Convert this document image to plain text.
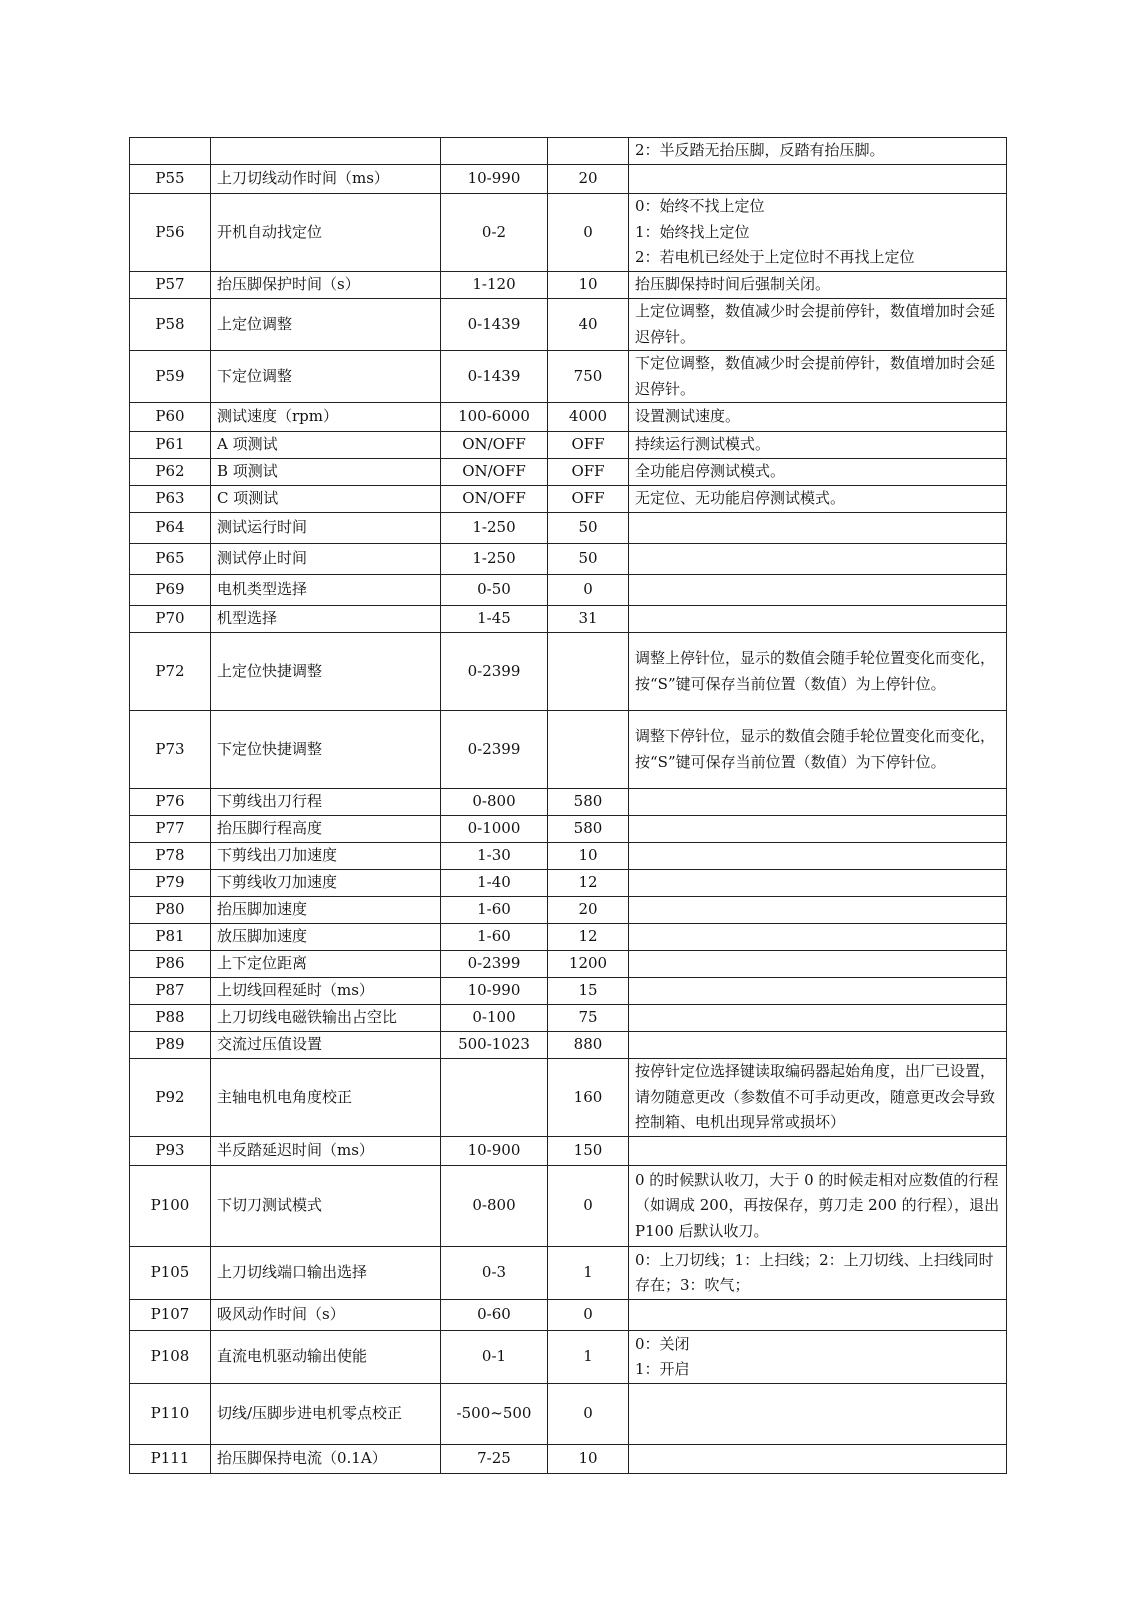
				2：半反踏无抬压脚，反踏有抬压脚。
P55	上刀切线动作时间（ms）	10-990	20	
P56	开机自动找定位	0-2	0	0：始终不找上定位
1：始终找上定位
2：若电机已经处于上定位时不再找上定位
P57	抬压脚保护时间（s）	1-120	10	抬压脚保持时间后强制关闭。
P58	上定位调整	0-1439	40	上定位调整，数值减少时会提前停针，数值增加时会延迟停针。
P59	下定位调整	0-1439	750	下定位调整，数值减少时会提前停针，数值增加时会延迟停针。
P60	测试速度（rpm）	100-6000	4000	设置测试速度。
P61	A 项测试	ON/OFF	OFF	持续运行测试模式。
P62	B 项测试	ON/OFF	OFF	全功能启停测试模式。
P63	C 项测试	ON/OFF	OFF	无定位、无功能启停测试模式。
P64	测试运行时间	1-250	50	
P65	测试停止时间	1-250	50	
P69	电机类型选择	0-50	0	
P70	机型选择	1-45	31	
P72	上定位快捷调整	0-2399		调整上停针位，显示的数值会随手轮位置变化而变化，按“S”键可保存当前位置（数值）为上停针位。
P73	下定位快捷调整	0-2399		调整下停针位，显示的数值会随手轮位置变化而变化，按“S”键可保存当前位置（数值）为下停针位。
P76	下剪线出刀行程	0-800	580	
P77	抬压脚行程高度	0-1000	580	
P78	下剪线出刀加速度	1-30	10	
P79	下剪线收刀加速度	1-40	12	
P80	抬压脚加速度	1-60	20	
P81	放压脚加速度	1-60	12	
P86	上下定位距离	0-2399	1200	
P87	上切线回程延时（ms）	10-990	15	
P88	上刀切线电磁铁输出占空比	0-100	75	
P89	交流过压值设置	500-1023	880	
P92	主轴电机电角度校正		160	按停针定位选择键读取编码器起始角度，出厂已设置，请勿随意更改（参数值不可手动更改，随意更改会导致控制箱、电机出现异常或损坏）
P93	半反踏延迟时间（ms）	10-900	150	
P100	下切刀测试模式	0-800	0	0 的时候默认收刀，大于 0 的时候走相对应数值的行程（如调成 200，再按保存，剪刀走 200 的行程），退出 P100 后默认收刀。
P105	上刀切线端口输出选择	0-3	1	0：上刀切线；1：上扫线；2：上刀切线、上扫线同时存在；3：吹气；
P107	吸风动作时间（s）	0-60	0	
P108	直流电机驱动输出使能	0-1	1	0：关闭
1：开启
P110	切线/压脚步进电机零点校正	-500~500	0	
P111	抬压脚保持电流（0.1A）	7-25	10	
